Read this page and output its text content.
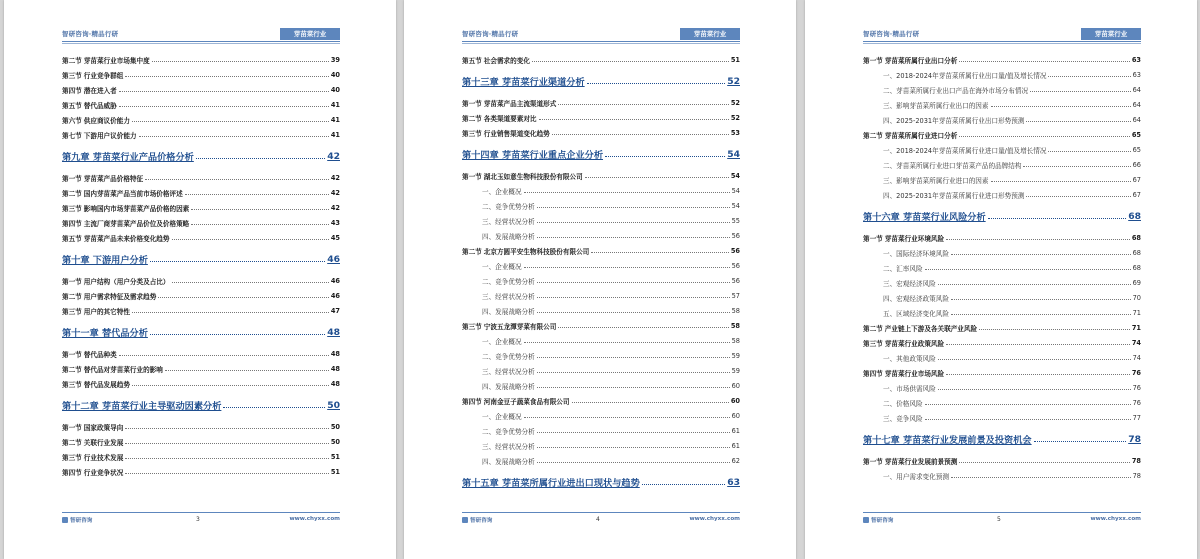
智研咨询·精品行研	芽苗菜行业
第二节 芽苗菜行业市场集中度	39
第三节 行业竞争群组	40
第四节 潜在进入者	40
第五节 替代品威胁	41
第六节 供应商议价能力	41
第七节 下游用户议价能力	41
第九章 芽苗菜行业产品价格分析	42
第一节 芽苗菜产品价格特征	42
第二节 国内芽苗菜产品当前市场价格评述	42
第三节 影响国内市场芽苗菜产品价格的因素	42
第四节 主流厂商芽苗菜产品价位及价格策略	43
第五节 芽苗菜产品未来价格变化趋势	45
第十章 下游用户分析	46
第一节 用户结构（用户分类及占比）	46
第二节 用户需求特征及需求趋势	46
第三节 用户的其它特性	47
第十一章 替代品分析	48
第一节 替代品种类	48
第二节 替代品对芽苗菜行业的影响	48
第三节 替代品发展趋势	48
第十二章 芽苗菜行业主导驱动因素分析	50
第一节 国家政策导向	50
第二节 关联行业发展	50
第三节 行业技术发展	51
第四节 行业竞争状况	51
智研咨询	3	www.chyxx.com
智研咨询·精品行研	芽苗菜行业
第五节 社会需求的变化	51
第十三章 芽苗菜行业渠道分析	52
第一节 芽苗菜产品主流渠道形式	52
第二节 各类渠道要素对比	52
第三节 行业销售渠道变化趋势	53
第十四章 芽苗菜行业重点企业分析	54
第一节 湖北玉如意生物科技股份有限公司	54
一、企业概况	54
二、竞争优势分析	54
三、经营状况分析	55
四、发展战略分析	56
第二节 北京方圆平安生物科技股份有限公司	56
一、企业概况	56
二、竞争优势分析	56
三、经营状况分析	57
四、发展战略分析	58
第三节 宁波五龙潭芽菜有限公司	58
一、企业概况	58
二、竞争优势分析	59
三、经营状况分析	59
四、发展战略分析	60
第四节 河南金豆子蔬菜食品有限公司	60
一、企业概况	60
二、竞争优势分析	61
三、经营状况分析	61
四、发展战略分析	62
第十五章 芽苗菜所属行业进出口现状与趋势	63
智研咨询	4	www.chyxx.com
智研咨询·精品行研	芽苗菜行业
第一节 芽苗菜所属行业出口分析	63
一、2018-2024年芽苗菜所属行业出口量/值及增长情况	63
二、芽苗菜所属行业出口产品在海外市场分布情况	64
三、影响芽苗菜所属行业出口的因素	64
四、2025-2031年芽苗菜所属行业出口形势预测	64
第二节 芽苗菜所属行业进口分析	65
一、2018-2024年芽苗菜所属行业进口量/值及增长情况	65
二、芽苗菜所属行业进口芽苗菜产品的品牌结构	66
三、影响芽苗菜所属行业进口的因素	67
四、2025-2031年芽苗菜所属行业进口形势预测	67
第十六章 芽苗菜行业风险分析	68
第一节 芽苗菜行业环境风险	68
一、国际经济环境风险	68
二、汇率风险	68
三、宏观经济风险	69
四、宏观经济政策风险	70
五、区域经济变化风险	71
第二节 产业链上下游及各关联产业风险	71
第三节 芽苗菜行业政策风险	74
一、其他政策风险	74
第四节 芽苗菜行业市场风险	76
一、市场供需风险	76
二、价格风险	76
三、竞争风险	77
第十七章 芽苗菜行业发展前景及投资机会	78
第一节 芽苗菜行业发展前景预测	78
一、用户需求变化预测	78
智研咨询	5	www.chyxx.com
